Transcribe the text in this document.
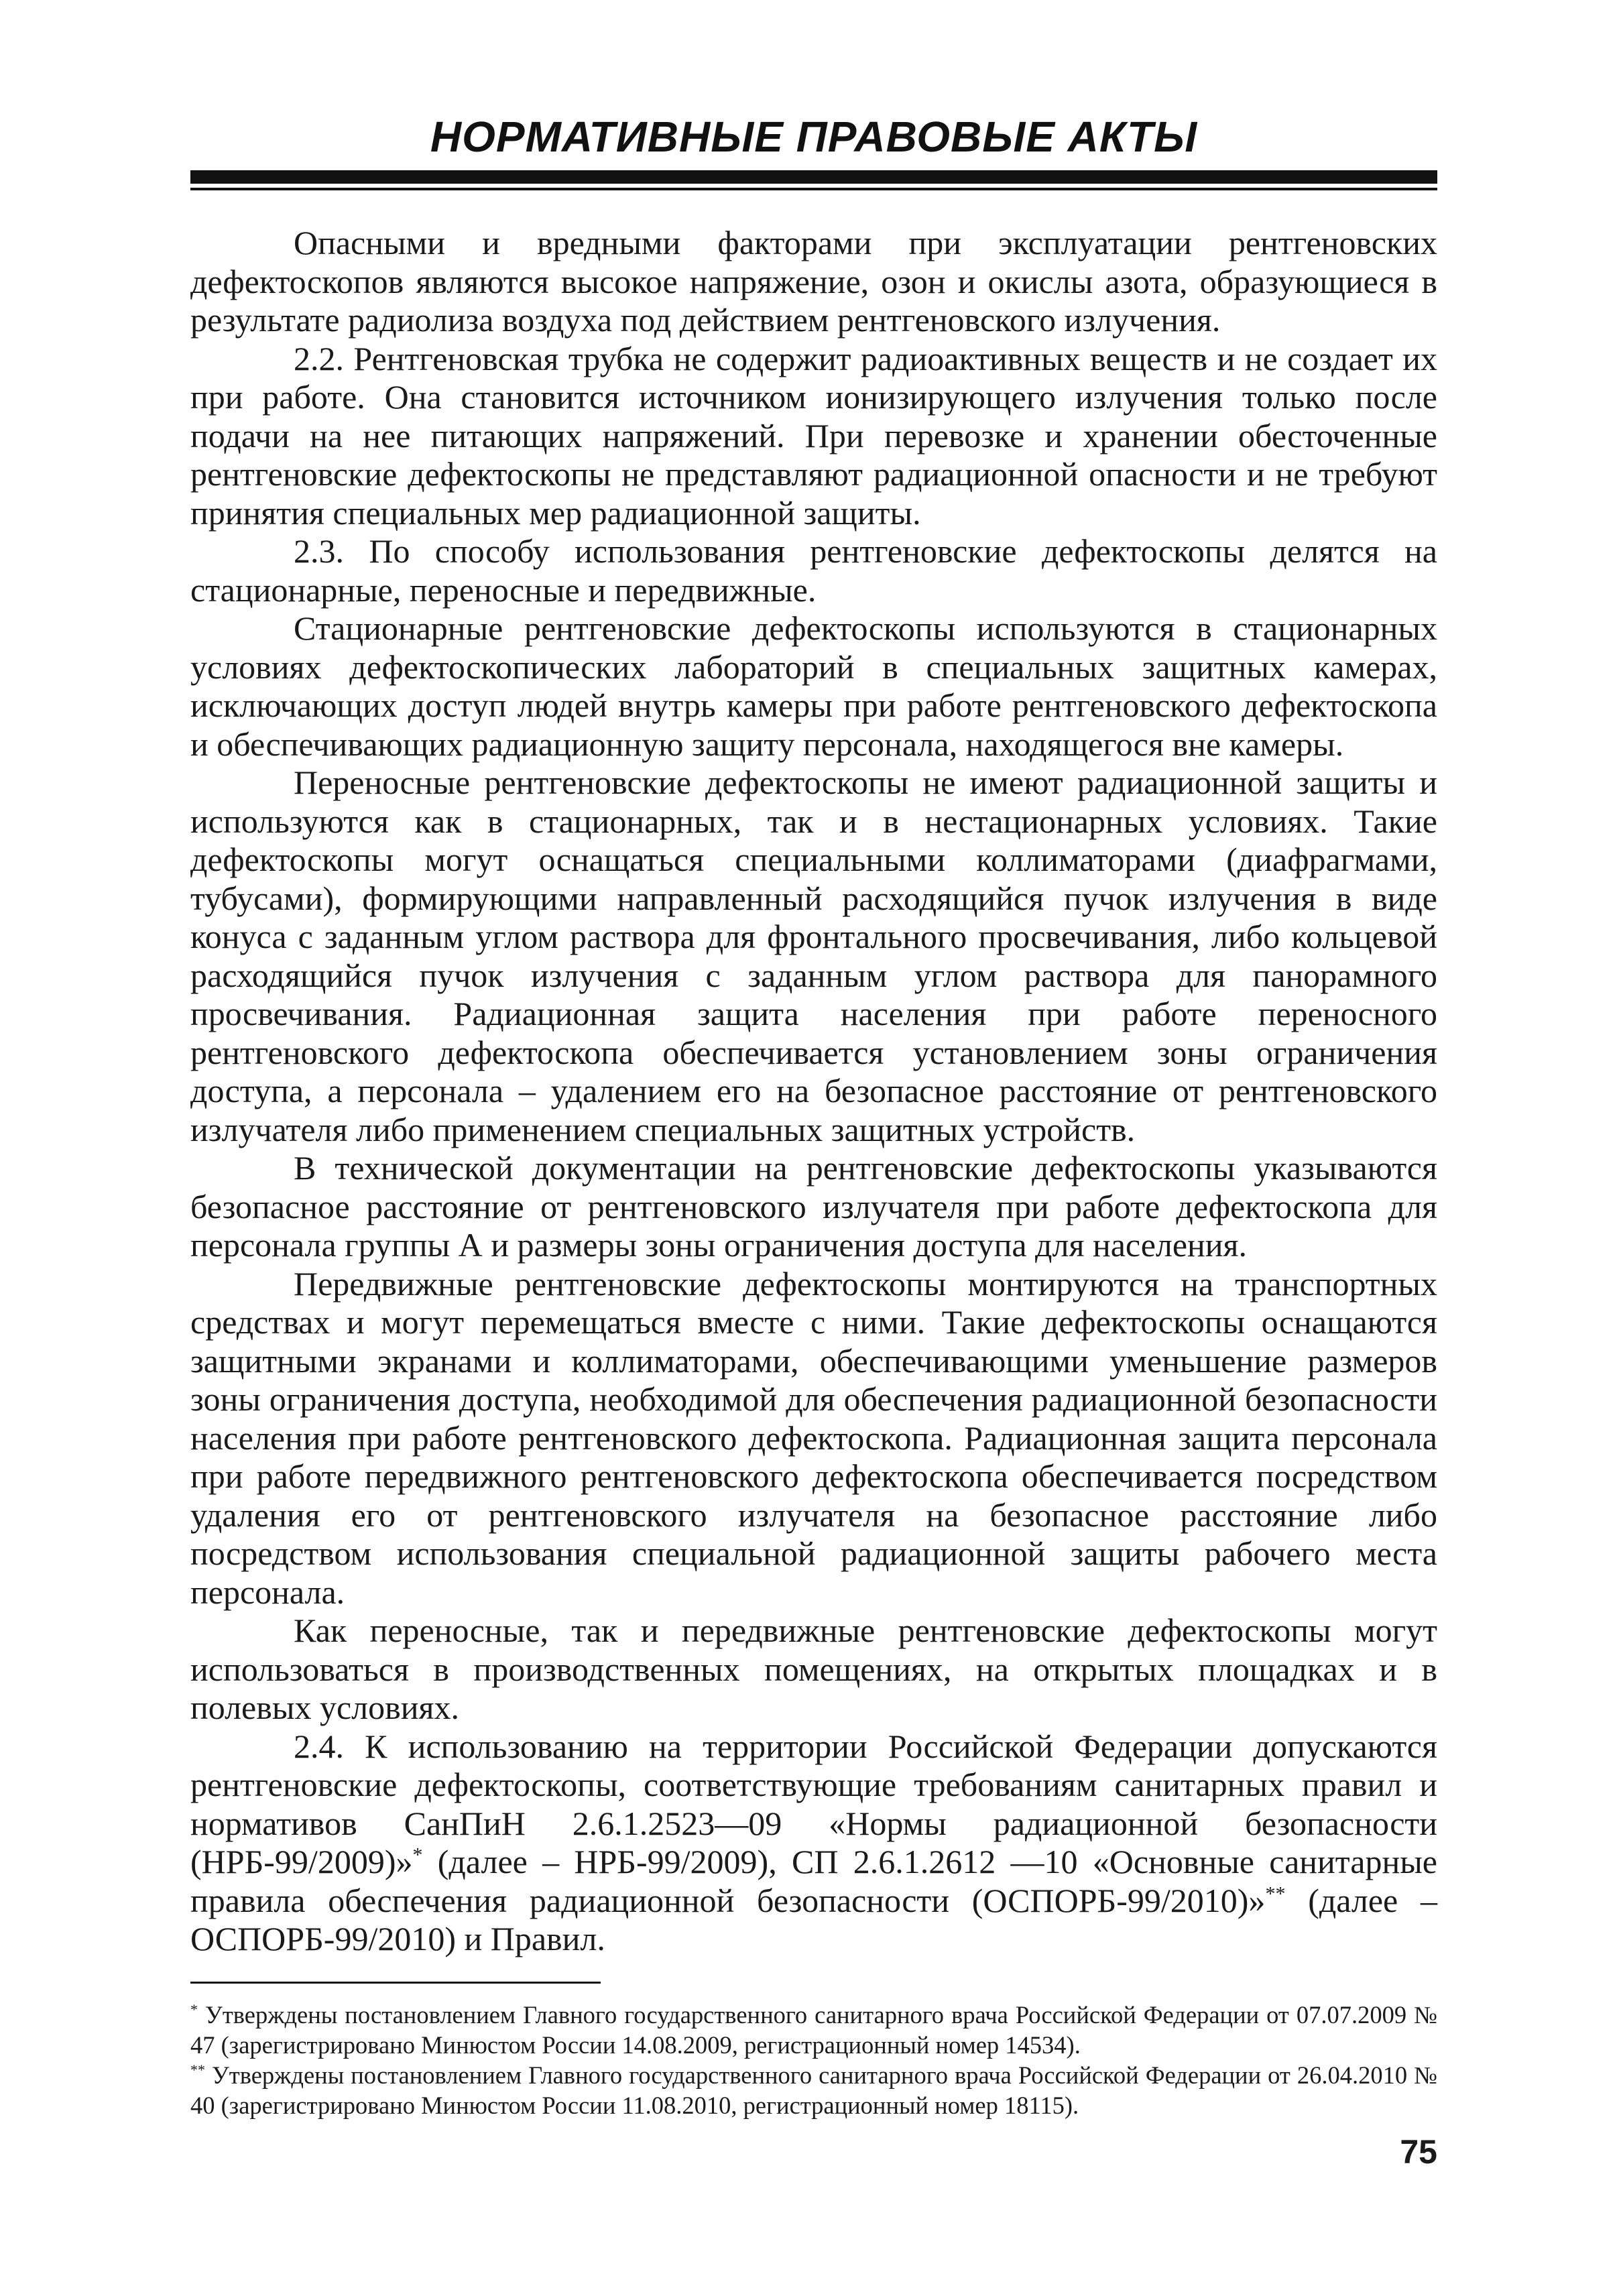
НОРМАТИВНЫЕ ПРАВОВЫЕ АКТЫ

Опасными и вредными факторами при эксплуатации рентгеновских дефектоскопов являются высокое напряжение, озон и окислы азота, образующиеся в результате радиолиза воздуха под действием рентгеновского излучения.

2.2. Рентгеновская трубка не содержит радиоактивных веществ и не создает их при работе. Она становится источником ионизирующего излучения только после подачи на нее питающих напряжений. При перевозке и хранении обесточенные рентгеновские дефектоскопы не представляют радиационной опасности и не требуют принятия специальных мер радиационной защиты.

2.3. По способу использования рентгеновские дефектоскопы делятся на стационарные, переносные и передвижные.

Стационарные рентгеновские дефектоскопы используются в стационарных условиях дефектоскопических лабораторий в специальных защитных камерах, исключающих доступ людей внутрь камеры при работе рентгеновского дефектоскопа и обеспечивающих радиационную защиту персонала, находящегося вне камеры.

Переносные рентгеновские дефектоскопы не имеют радиационной защиты и используются как в стационарных, так и в нестационарных условиях. Такие дефектоскопы могут оснащаться специальными коллиматорами (диафрагмами, тубусами), формирующими направленный расходящийся пучок излучения в виде конуса с заданным углом раствора для фронтального просвечивания, либо кольцевой расходящийся пучок излучения с заданным углом раствора для панорамного просвечивания. Радиационная защита населения при работе переносного рентгеновского дефектоскопа обеспечивается установлением зоны ограничения доступа, а персонала – удалением его на безопасное расстояние от рентгеновского излучателя либо применением специальных защитных устройств.

В технической документации на рентгеновские дефектоскопы указываются безопасное расстояние от рентгеновского излучателя при работе дефектоскопа для персонала группы А и размеры зоны ограничения доступа для населения.

Передвижные рентгеновские дефектоскопы монтируются на транспортных средствах и могут перемещаться вместе с ними. Такие дефектоскопы оснащаются защитными экранами и коллиматорами, обеспечивающими уменьшение размеров зоны ограничения доступа, необходимой для обеспечения радиационной безопасности населения при работе рентгеновского дефектоскопа. Радиационная защита персонала при работе передвижного рентгеновского дефектоскопа обеспечивается посредством удаления его от рентгеновского излучателя на безопасное расстояние либо посредством использования специальной радиационной защиты рабочего места персонала.

Как переносные, так и передвижные рентгеновские дефектоскопы могут использоваться в производственных помещениях, на открытых площадках и в полевых условиях.

2.4. К использованию на территории Российской Федерации допускаются рентгеновские дефектоскопы, соответствующие требованиям санитарных правил и нормативов СанПиН 2.6.1.2523—09 «Нормы радиационной безопасности (НРБ-99/2009)»* (далее – НРБ-99/2009), СП 2.6.1.2612 —10 «Основные санитарные правила обеспечения радиационной безопасности (ОСПОРБ-99/2010)»** (далее – ОСПОРБ-99/2010) и Правил.

* Утверждены постановлением Главного государственного санитарного врача Российской Федерации от 07.07.2009 № 47 (зарегистрировано Минюстом России 14.08.2009, регистрационный номер 14534).

** Утверждены постановлением Главного государственного санитарного врача Российской Федерации от 26.04.2010 № 40 (зарегистрировано Минюстом России 11.08.2010, регистрационный номер 18115).

75
